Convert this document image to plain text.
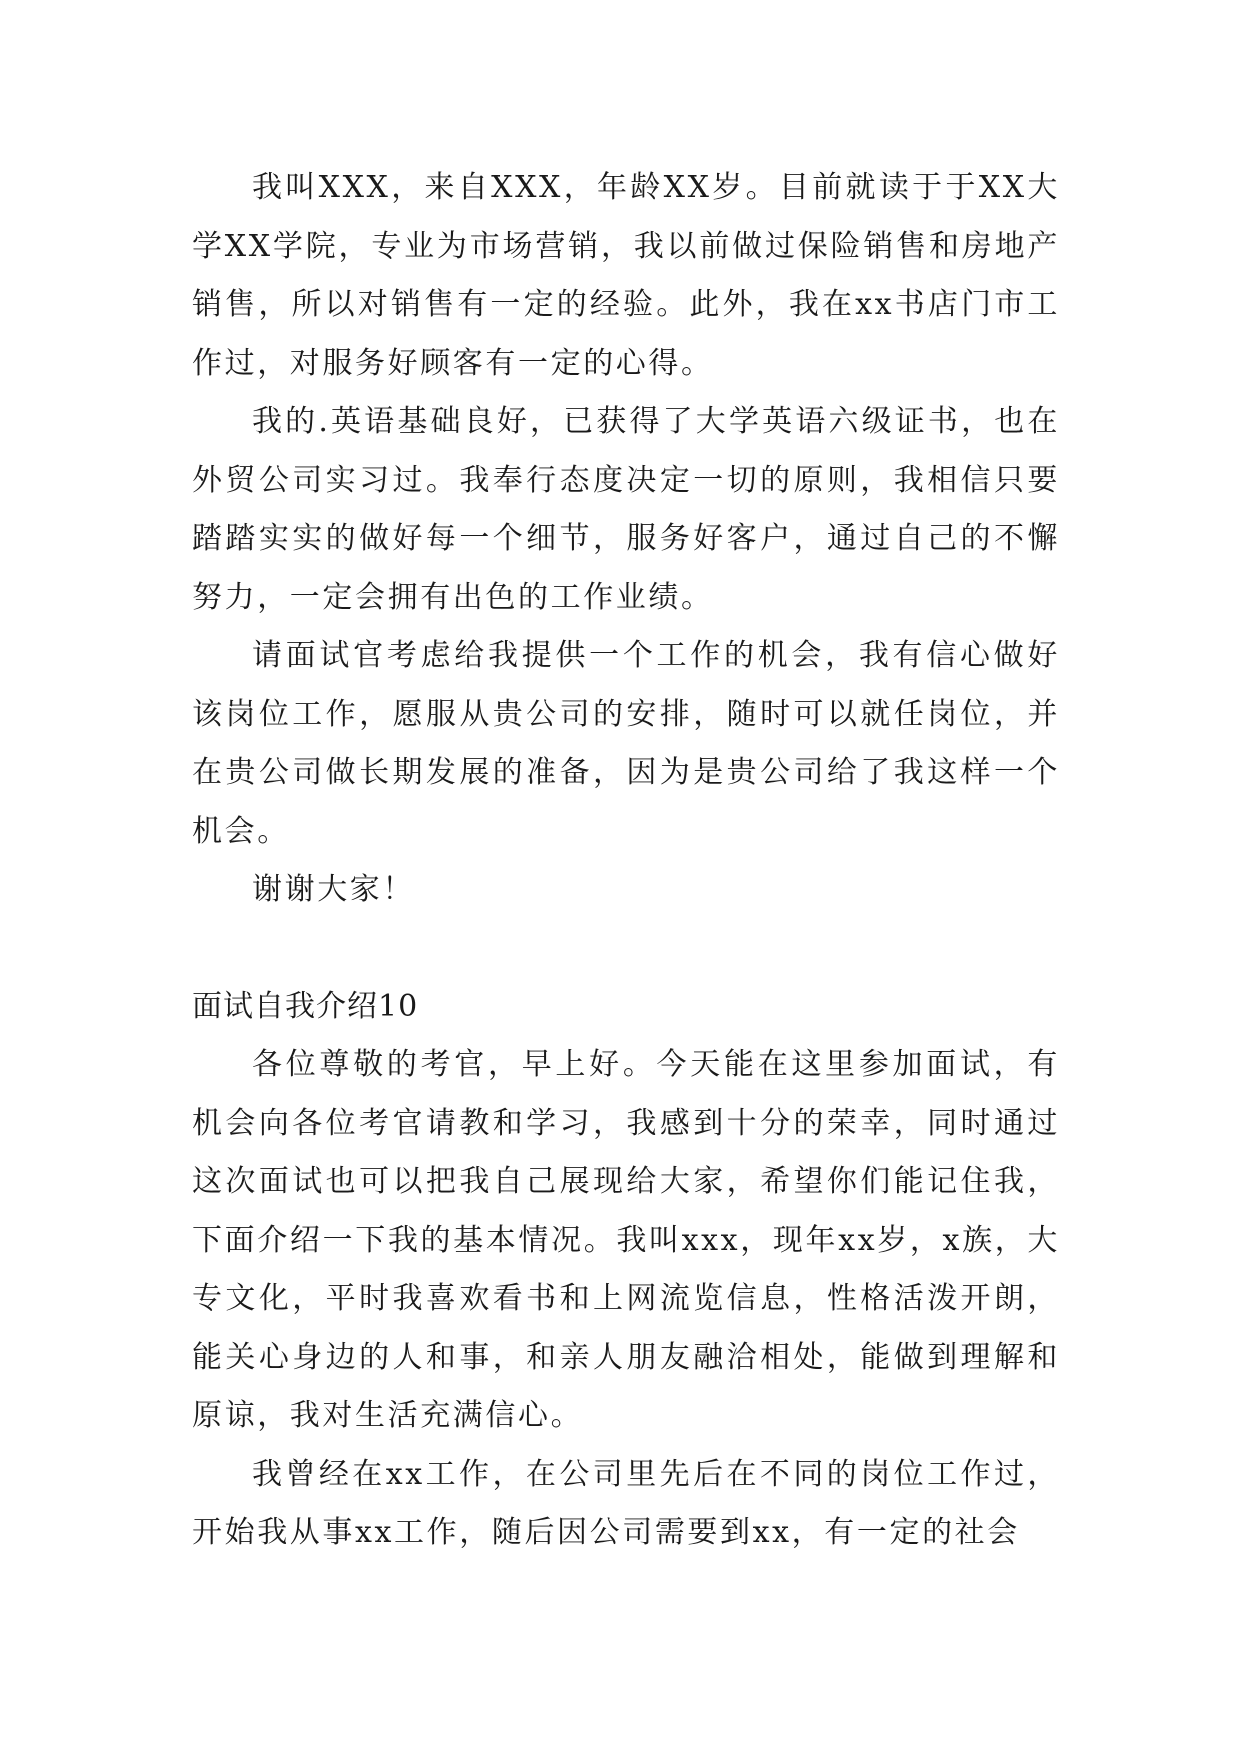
我叫XXX，来自XXX，年龄XX岁。目前就读于于XX大学XX学院，专业为市场营销，我以前做过保险销售和房地产销售，所以对销售有一定的经验。此外，我在xx书店门市工作过，对服务好顾客有一定的心得。

我的.英语基础良好，已获得了大学英语六级证书，也在外贸公司实习过。我奉行态度决定一切的原则，我相信只要踏踏实实的做好每一个细节，服务好客户，通过自己的不懈努力，一定会拥有出色的工作业绩。

请面试官考虑给我提供一个工作的机会，我有信心做好该岗位工作，愿服从贵公司的安排，随时可以就任岗位，并在贵公司做长期发展的准备，因为是贵公司给了我这样一个机会。

谢谢大家！

面试自我介绍10

各位尊敬的考官，早上好。今天能在这里参加面试，有机会向各位考官请教和学习，我感到十分的荣幸，同时通过这次面试也可以把我自己展现给大家，希望你们能记住我，下面介绍一下我的基本情况。我叫xxx，现年xx岁，x族，大专文化，平时我喜欢看书和上网流览信息，性格活泼开朗，能关心身边的人和事，和亲人朋友融洽相处，能做到理解和原谅，我对生活充满信心。

我曾经在xx工作，在公司里先后在不同的岗位工作过，开始我从事xx工作，随后因公司需要到xx，有一定的社会
